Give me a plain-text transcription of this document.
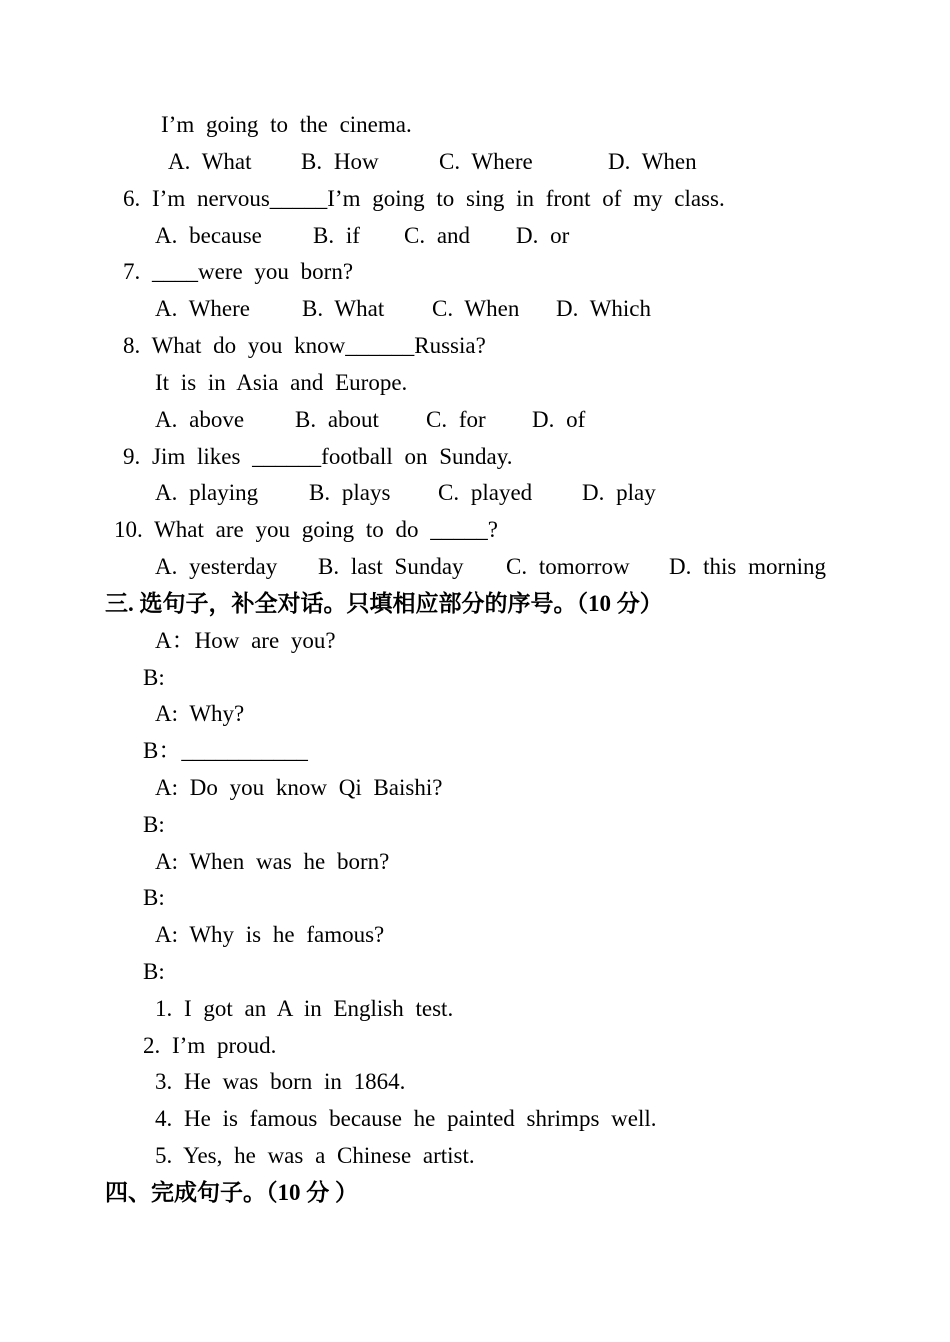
I’m going to the cinema.
A. What B. How	C. Where	D. When
6. I’m nervous_____I’m going to sing in front of my class.
A. because B. if C. and D. or
7. ____were you born?
A. Where B. What C. When D. Which
8. What do you know______Russia?
It is in Asia and Europe.
A. above B. about C. for D. of
9. Jim likes ______football on Sunday.
A. playing B. plays C. played D. play
10. What are you going to do _____?
A. yesterday B. last Sunday C. tomorrow D. this morning
三. 选句子，补全对话。只填相应部分的序号。（10 分）
A：How are you?
B:
A: Why?
B：___________
A: Do you know Qi Baishi?
B:
A: When was he born?
B:
A: Why is he famous?
B:
1. I got an A in English test.
2. I’m proud.
3. He was born in 1864.
4. He is famous because he painted shrimps well.
5. Yes, he was a Chinese artist.
四、完成句子。（10 分 ）
